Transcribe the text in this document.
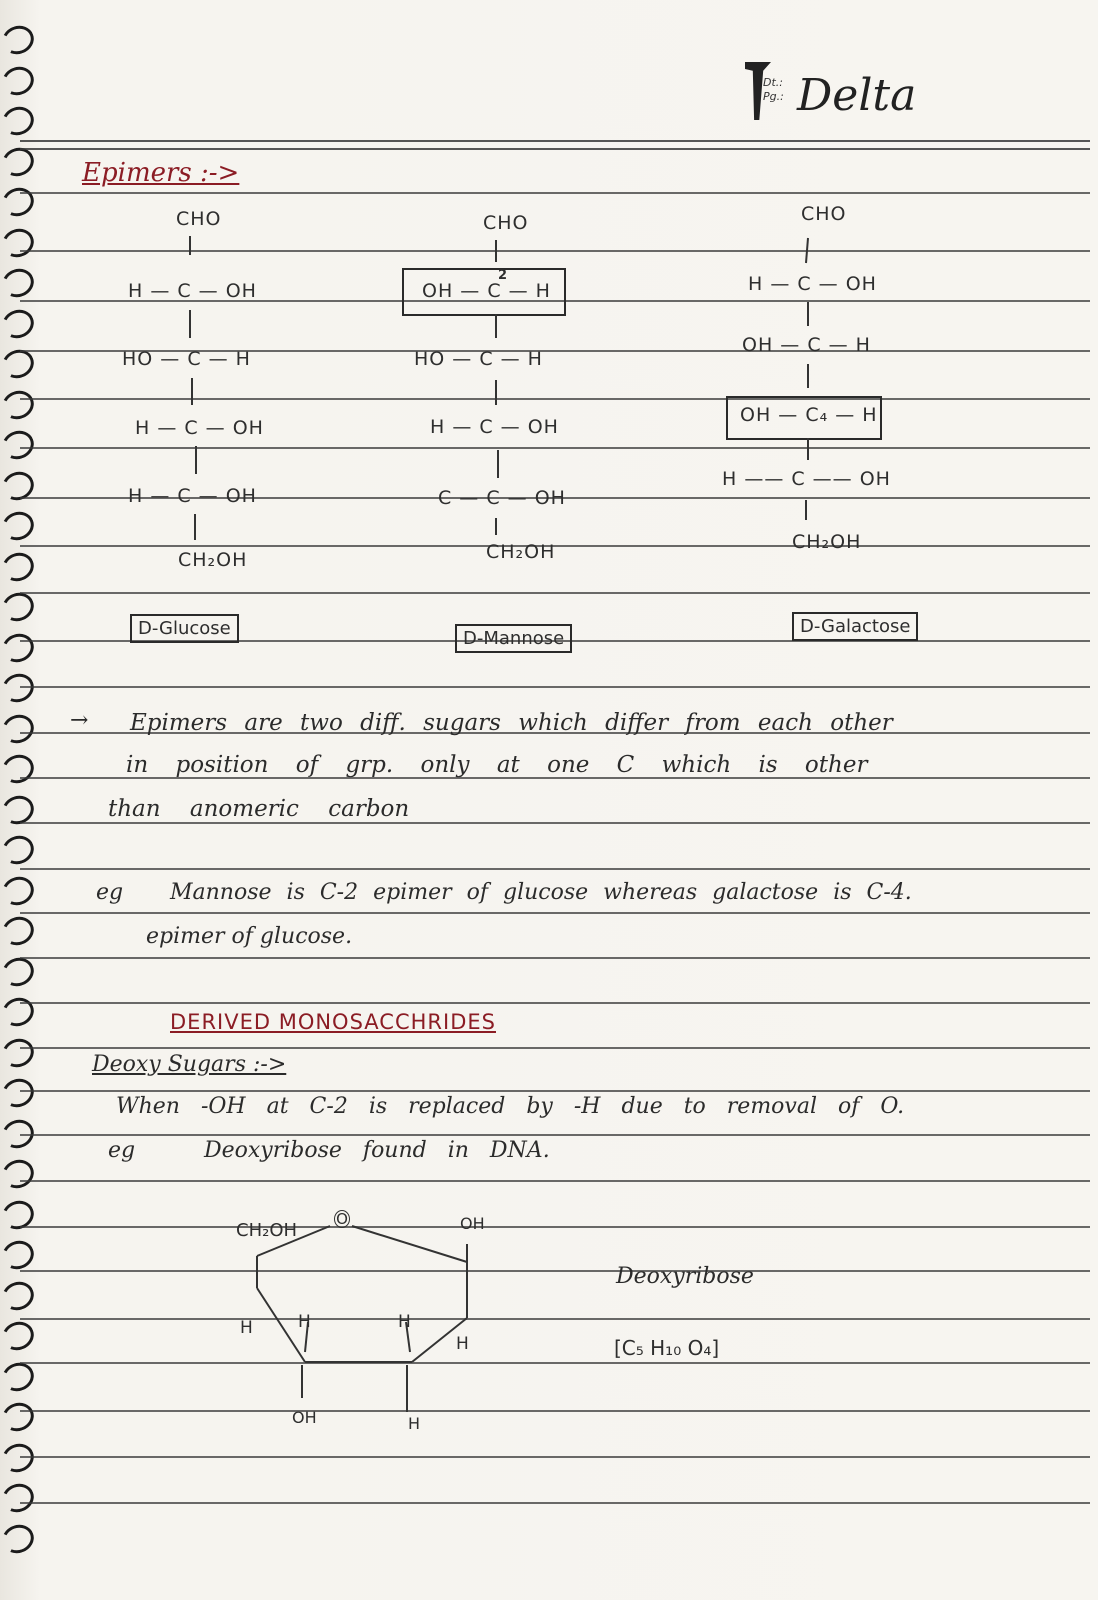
Dt.:
Pg.: Delta
Epimers :->
CHO
H — C — OH
HO — C — H
H — C — OH
H — C — OH
CH₂OH
D-Glucose
CHO
OH — C — H
2
HO — C — H
H — C — OH
C — C — OH
CH₂OH
D-Mannose
CHO
H — C — OH
OH — C — H
OH — C₄ — H
H —— C —— OH
CH₂OH
D-Galactose
→ Epimers are two diff. sugars which differ from each other
in position of grp. only at one C which is other
than anomeric carbon
eg Mannose is C-2 epimer of glucose whereas galactose is C-4.
epimer of glucose.
DERIVED MONOSACCHRIDES
Deoxy Sugars :->
When -OH at C-2 is replaced by -H due to removal of O.
eg	Deoxyribose found in DNA.
CH₂OH
O	OH
H	H	H
H
OH	H
Deoxyribose
[C₅ H₁₀ O₄]
